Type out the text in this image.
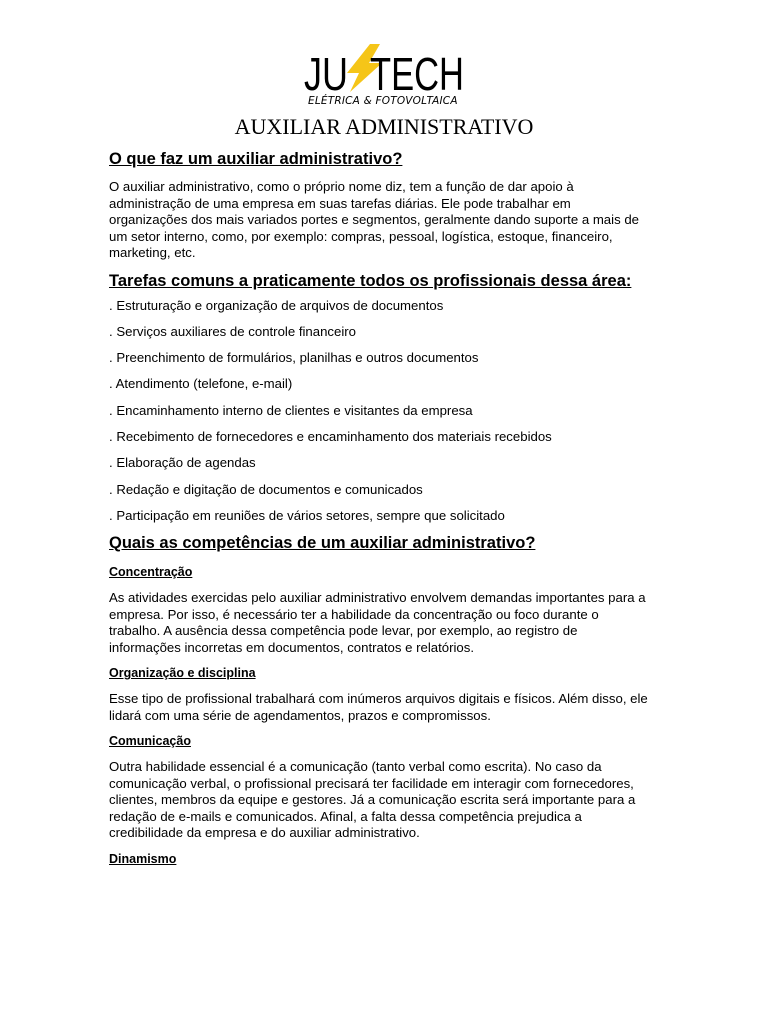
JU TECH
ELÉTRICA & FOTOVOLTAICA
AUXILIAR ADMINISTRATIVO
O que faz um auxiliar administrativo?

O auxiliar administrativo, como o próprio nome diz, tem a função de dar apoio à administração de uma empresa em suas tarefas diárias. Ele pode trabalhar em organizações dos mais variados portes e segmentos, geralmente dando suporte a mais de um setor interno, como, por exemplo: compras, pessoal, logística, estoque, financeiro, marketing, etc.

Tarefas comuns a praticamente todos os profissionais dessa área:
. Estruturação e organização de arquivos de documentos
. Serviços auxiliares de controle financeiro
. Preenchimento de formulários, planilhas e outros documentos
. Atendimento (telefone, e-mail)
. Encaminhamento interno de clientes e visitantes da empresa
. Recebimento de fornecedores e encaminhamento dos materiais recebidos
. Elaboração de agendas
. Redação e digitação de documentos e comunicados
. Participação em reuniões de vários setores, sempre que solicitado
Quais as competências de um auxiliar administrativo?
Concentração

As atividades exercidas pelo auxiliar administrativo envolvem demandas importantes para a empresa. Por isso, é necessário ter a habilidade da concentração ou foco durante o trabalho. A ausência dessa competência pode levar, por exemplo, ao registro de informações incorretas em documentos, contratos e relatórios.

Organização e disciplina

Esse tipo de profissional trabalhará com inúmeros arquivos digitais e físicos. Além disso, ele lidará com uma série de agendamentos, prazos e compromissos.

Comunicação

Outra habilidade essencial é a comunicação (tanto verbal como escrita). No caso da comunicação verbal, o profissional precisará ter facilidade em interagir com fornecedores, clientes, membros da equipe e gestores. Já a comunicação escrita será importante para a redação de e-mails e comunicados. Afinal, a falta dessa competência prejudica a credibilidade da empresa e do auxiliar administrativo.

Dinamismo
